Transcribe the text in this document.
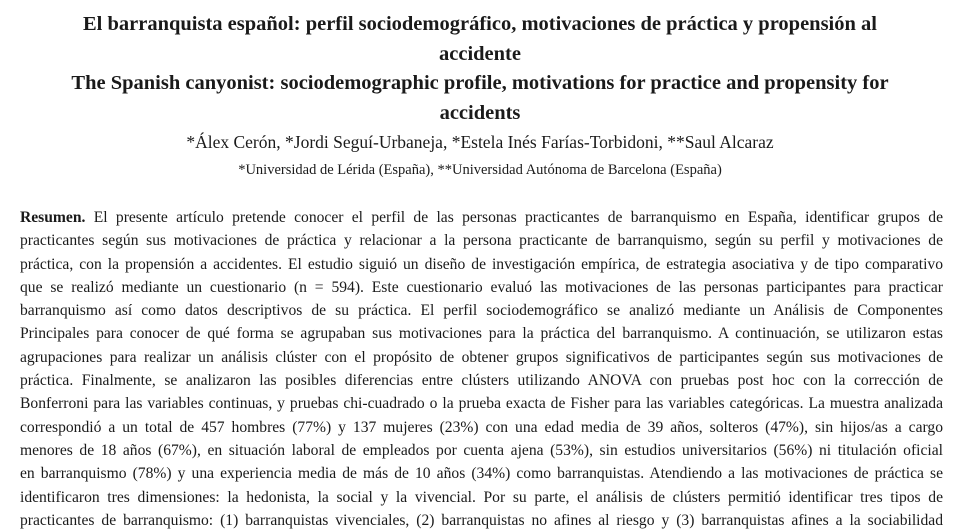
El barranquista español: perfil sociodemográfico, motivaciones de práctica y propensión al
accidente

The Spanish canyonist: sociodemographic profile, motivations for practice and propensity for
accidents

*Álex Cerón, *Jordi Seguí-Urbaneja, *Estela Inés Farías-Torbidoni, **Saul Alcaraz
*Universidad de Lérida (España), **Universidad Autónoma de Barcelona (España)
Resumen. El presente artículo pretende conocer el perfil de las personas practicantes de barranquismo en España, identificar grupos de
practicantes según sus motivaciones de práctica y relacionar a la persona practicante de barranquismo, según su perfil y motivaciones de
práctica, con la propensión a accidentes. El estudio siguió un diseño de investigación empírica, de estrategia asociativa y de tipo comparativo
que se realizó mediante un cuestionario (n = 594). Este cuestionario evaluó las motivaciones de las personas participantes para practicar
barranquismo así como datos descriptivos de su práctica. El perfil sociodemográfico se analizó mediante un Análisis de Componentes
Principales para conocer de qué forma se agrupaban sus motivaciones para la práctica del barranquismo. A continuación, se utilizaron estas
agrupaciones para realizar un análisis clúster con el propósito de obtener grupos significativos de participantes según sus motivaciones de
práctica. Finalmente, se analizaron las posibles diferencias entre clústers utilizando ANOVA con pruebas post hoc con la corrección de
Bonferroni para las variables continuas, y pruebas chi-cuadrado o la prueba exacta de Fisher para las variables categóricas. La muestra analizada
correspondió a un total de 457 hombres (77%) y 137 mujeres (23%) con una edad media de 39 años, solteros (47%), sin hijos/as a cargo
menores de 18 años (67%), en situación laboral de empleados por cuenta ajena (53%), sin estudios universitarios (56%) ni titulación oficial
en barranquismo (78%) y una experiencia media de más de 10 años (34%) como barranquistas. Atendiendo a las motivaciones de práctica se
identificaron tres dimensiones: la hedonista, la social y la vivencial. Por su parte, el análisis de clústers permitió identificar tres tipos de
practicantes de barranquismo: (1) barranquistas vivenciales, (2) barranquistas no afines al riesgo y (3) barranquistas afines a la sociabilidad
